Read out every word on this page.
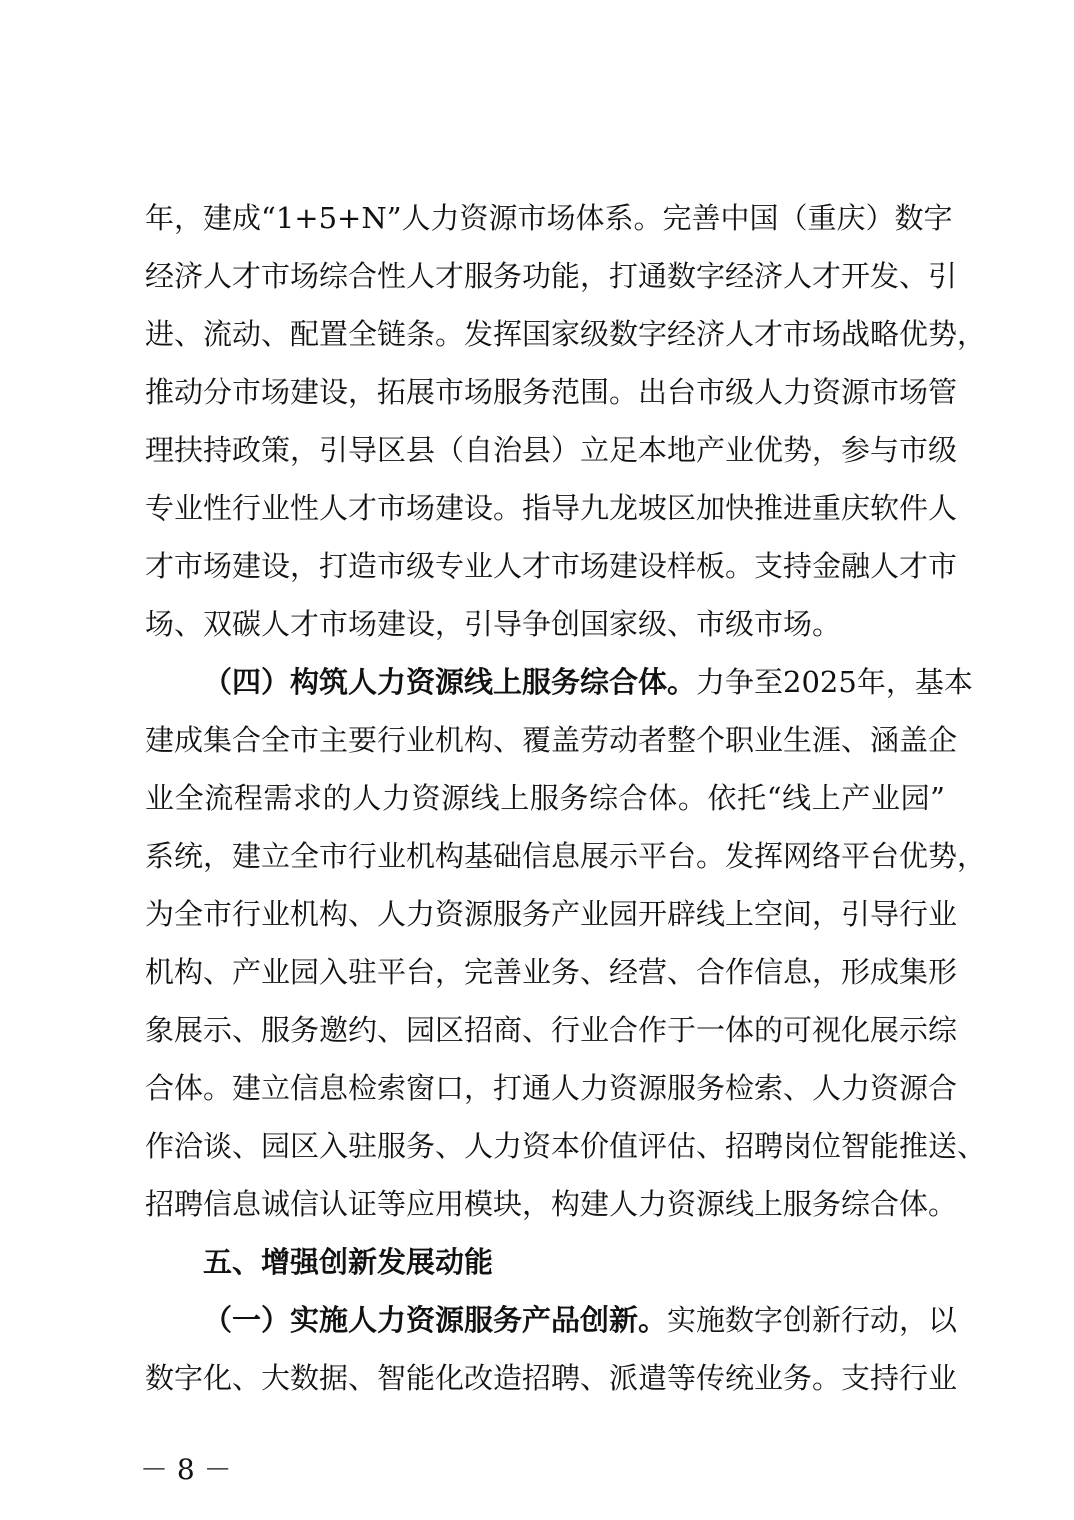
年，建成“1+5+N”人力资源市场体系。完善中国（重庆）数字
经济人才市场综合性人才服务功能，打通数字经济人才开发、引
进、流动、配置全链条。发挥国家级数字经济人才市场战略优势，
推动分市场建设，拓展市场服务范围。出台市级人力资源市场管
理扶持政策，引导区县（自治县）立足本地产业优势，参与市级
专业性行业性人才市场建设。指导九龙坡区加快推进重庆软件人
才市场建设，打造市级专业人才市场建设样板。支持金融人才市
场、双碳人才市场建设，引导争创国家级、市级市场。
（四）构筑人力资源线上服务综合体。力争至2025年，基本
建成集合全市主要行业机构、覆盖劳动者整个职业生涯、涵盖企
业全流程需求的人力资源线上服务综合体。依托“线上产业园”
系统，建立全市行业机构基础信息展示平台。发挥网络平台优势，
为全市行业机构、人力资源服务产业园开辟线上空间，引导行业
机构、产业园入驻平台，完善业务、经营、合作信息，形成集形
象展示、服务邀约、园区招商、行业合作于一体的可视化展示综
合体。建立信息检索窗口，打通人力资源服务检索、人力资源合
作洽谈、园区入驻服务、人力资本价值评估、招聘岗位智能推送、
招聘信息诚信认证等应用模块，构建人力资源线上服务综合体。
五、增强创新发展动能
（一）实施人力资源服务产品创新。实施数字创新行动，以
数字化、大数据、智能化改造招聘、派遣等传统业务。支持行业
－ 8 －
